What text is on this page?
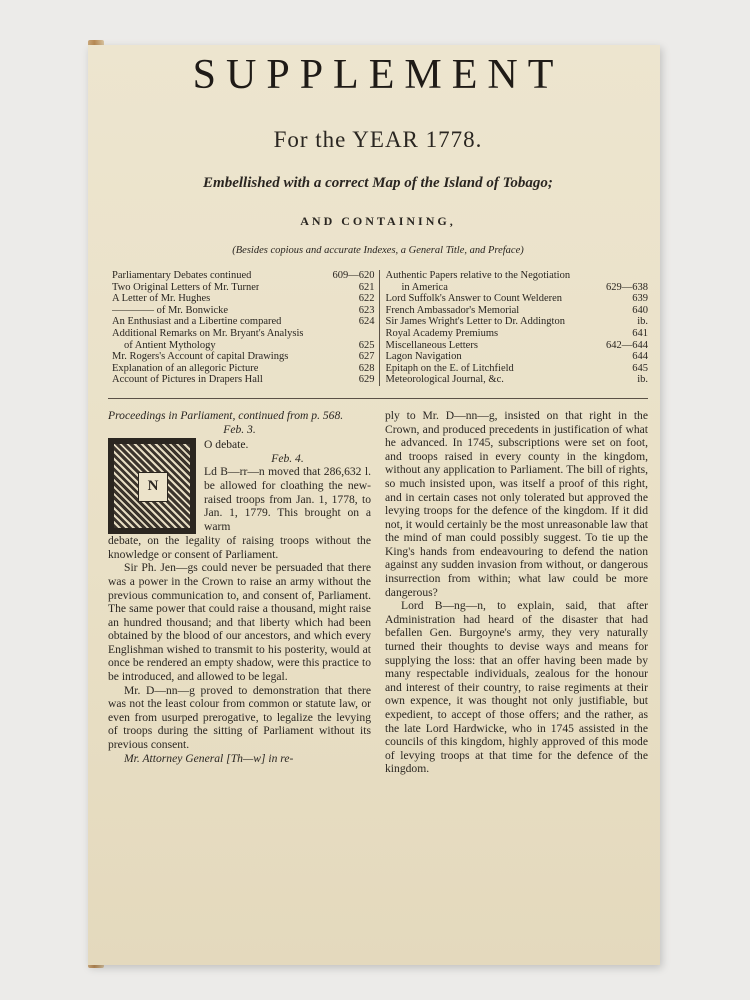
SUPPLEMENT
For the YEAR 1778.
Embellished with a correct Map of the Island of Tobago;
AND CONTAINING,
(Besides copious and accurate Indexes, a General Title, and Preface)
Parliamentary Debates continued	609—620
Two Original Letters of Mr. Turner	621
A Letter of Mr. Hughes	622
———— of Mr. Bonwicke	623
An Enthusiast and a Libertine compared	624
Additional Remarks on Mr. Bryant's Analysis
of Antient Mythology	625
Mr. Rogers's Account of capital Drawings	627
Explanation of an allegoric Picture	628
Account of Pictures in Drapers Hall	629
Authentic Papers relative to the Negotiation
in America	629—638
Lord Suffolk's Answer to Count Welderen	639
French Ambassador's Memorial	640
Sir James Wright's Letter to Dr. Addington	ib.
Royal Academy Premiums	641
Miscellaneous Letters	642—644
Lagon Navigation	644
Epitaph on the E. of Litchfield	645
Meteorological Journal, &c.	ib.

Proceedings in Parliament, continued from p. 568.

Feb. 3.

N

O debate.

Feb. 4.

Ld B—rr—n moved that 286,632 l. be allowed for cloathing the new-raised troops from Jan. 1, 1778, to Jan. 1, 1779. This brought on a warm

debate, on the legality of raising troops without the knowledge or consent of Parliament.

Sir Ph. Jen—gs could never be persuaded that there was a power in the Crown to raise an army without the previous communication to, and consent of, Parliament. The same power that could raise a thousand, might raise an hundred thousand; and that liberty which had been obtained by the blood of our ancestors, and which every Englishman wished to transmit to his posterity, would at once be rendered an empty shadow, were this practice to be introduced, and allowed to be legal.

Mr. D—nn—g proved to demonstration that there was not the least colour from common or statute law, or even from usurped prerogative, to legalize the levying of troops during the sitting of Parliament without its previous consent.

Mr. Attorney General [Th—w] in re-

ply to Mr. D—nn—g, insisted on that right in the Crown, and produced precedents in justification of what he advanced. In 1745, subscriptions were set on foot, and troops raised in every county in the kingdom, without any application to Parliament. The bill of rights, so much insisted upon, was itself a proof of this right, and in certain cases not only tolerated but approved the levying troops for the defence of the kingdom. If it did not, it would certainly be the most unreasonable law that the mind of man could possibly suggest. To tie up the King's hands from endeavouring to defend the nation against any sudden invasion from without, or dangerous insurrection from within; what law could be more dangerous?

Lord B—ng—n, to explain, said, that after Administration had heard of the disaster that had befallen Gen. Burgoyne's army, they very naturally turned their thoughts to devise ways and means for supplying the loss: that an offer having been made by many respectable individuals, zealous for the honour and interest of their country, to raise regiments at their own expence, it was thought not only justifiable, but expedient, to accept of those offers; and the rather, as the late Lord Hardwicke, who in 1745 assisted in the councils of this kingdom, highly approved of this mode of levying troops at that time for the defence of the kingdom.
